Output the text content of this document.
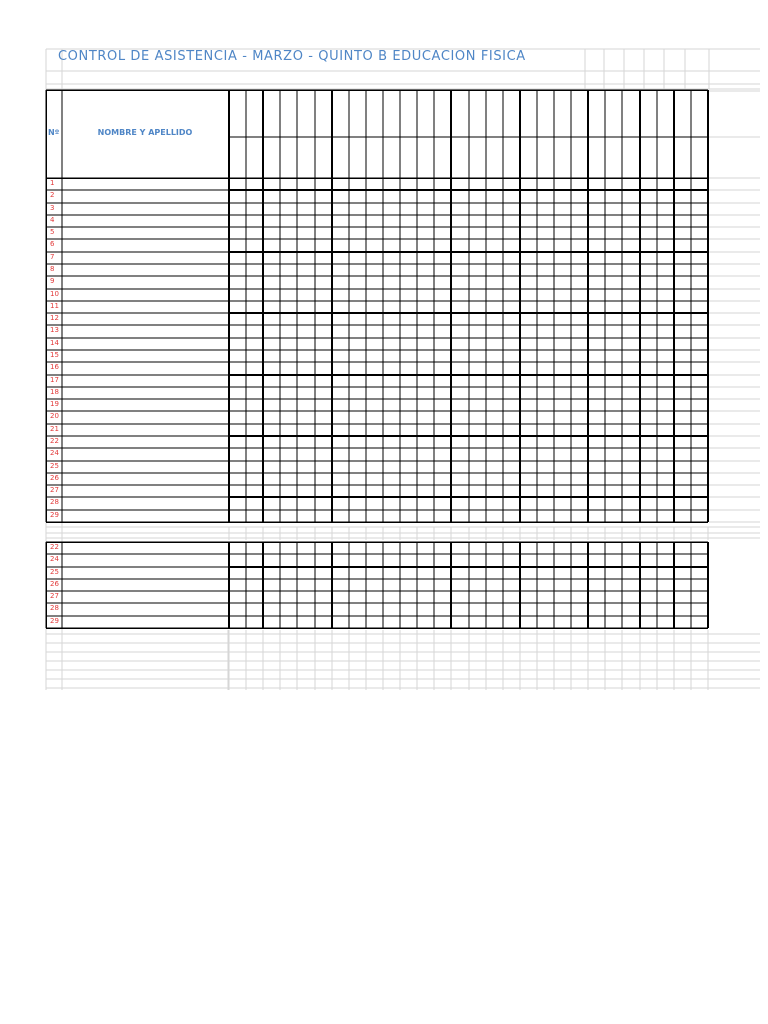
CONTROL DE ASISTENCIA - MARZO - QUINTO B EDUCACION FISICA
Nº	NOMBRE Y APELLIDO
1
2
3
4
5
6
7
8
9
10
11
12
13
14
15
16
17
18
19
20
21
22
24
25
26
27
28
29
22
24
25
26
27
28
29
